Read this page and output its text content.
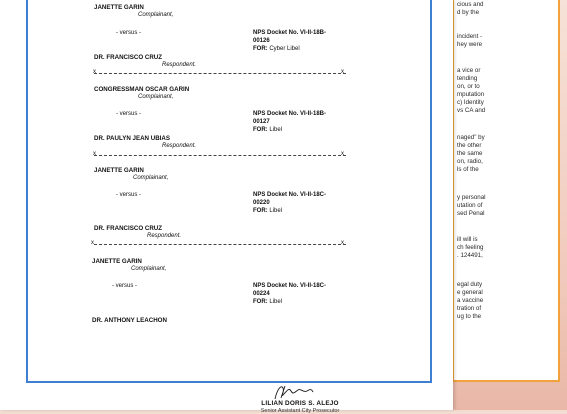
cious and
d by the
incident -
hey were
a vice or
tending
on, or to
mputation
c) Identity
vs CA and
naged" by
the other
the same
on, radio,
ls of the
y personal
utation of
sed Penal
ill will is
ch feeling
. 124491,
egal duty
e general
a vaccine
tration of
ug to the
JANETTE GARIN
Complainant,
- versus -	NPS Docket No. VI-II-18B-
00126
FOR: Cyber Libel
DR. FRANCISCO CRUZ
Respondent.
x	x
CONGRESSMAN OSCAR GARIN
Complainant,
- versus -	NPS Docket No. VI-II-18B-
00127
FOR: Libel
DR. PAULYN JEAN UBIAS
Respondent.
x	x
JANETTE GARIN
Complainant,
- versus -	NPS Docket No. VI-II-18C-
00220
FOR: Libel
DR. FRANCISCO CRUZ
Respondent.
x	x
JANETTE GARIN
Complainant,
- versus -	NPS Docket No. VI-II-18C-
00224
FOR: Libel
DR. ANTHONY LEACHON
LILIAN DORIS S. ALEJO
Senior Assistant City Prosecutor
